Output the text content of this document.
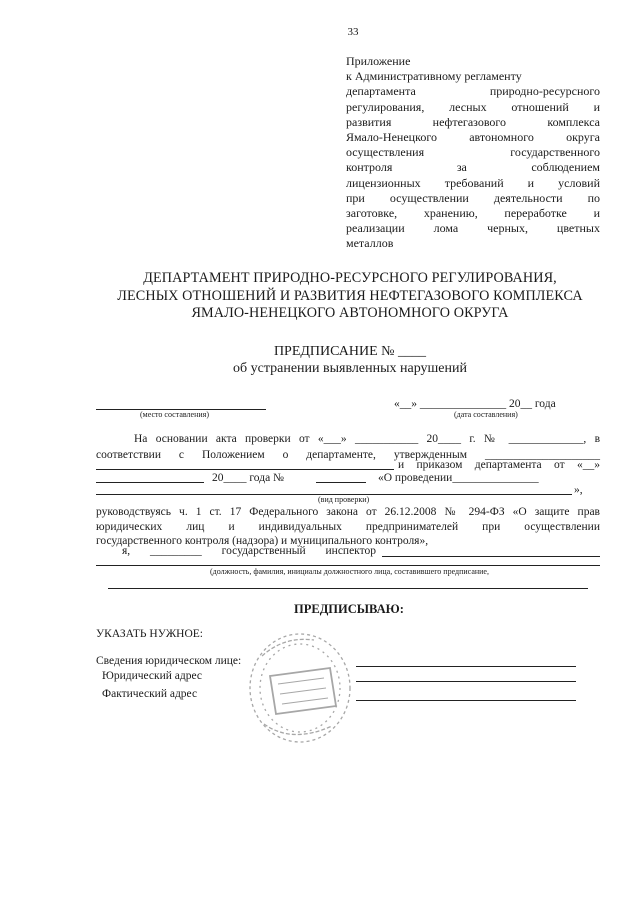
33
Приложение
к Административному регламенту
департамента природно-ресурсного
регулирования, лесных отношений и
развития нефтегазового комплекса
Ямало-Ненецкого автономного округа
осуществления государственного
контроля за соблюдением
лицензионных требований и условий
при осуществлении деятельности по
заготовке, хранению, переработке и
реализации лома черных, цветных
металлов
ДЕПАРТАМЕНТ ПРИРОДНО-РЕСУРСНОГО РЕГУЛИРОВАНИЯ,
ЛЕСНЫХ ОТНОШЕНИЙ И РАЗВИТИЯ НЕФТЕГАЗОВОГО КОМПЛЕКСА
ЯМАЛО-НЕНЕЦКОГО АВТОНОМНОГО ОКРУГА
ПРЕДПИСАНИЕ № ____
об устранении выявленных нарушений
(место составления)
«__» _______________ 20__ года
(дата составления)
На основании акта проверки от «___» ___________ 20____ г. № _____________, в
соответствии с Положением о департаменте, утвержденным ____________________
и приказом департамента от «__»
20____ года №	«О проведении_______________
»,
(вид проверки)
руководствуясь ч. 1 ст. 17 Федерального закона от 26.12.2008 № 294-ФЗ «О защите прав
юридических лиц и индивидуальных предпринимателей при осуществлении
государственного контроля (надзора) и муниципального контроля»,
я, _________ государственный инспектор
(должность, фамилия, инициалы должностного лица, составившего предписание,
ПРЕДПИСЫВАЮ:
УКАЗАТЬ НУЖНОЕ:
Сведения юридическом лице:
Юридический адрес
Фактический адрес
